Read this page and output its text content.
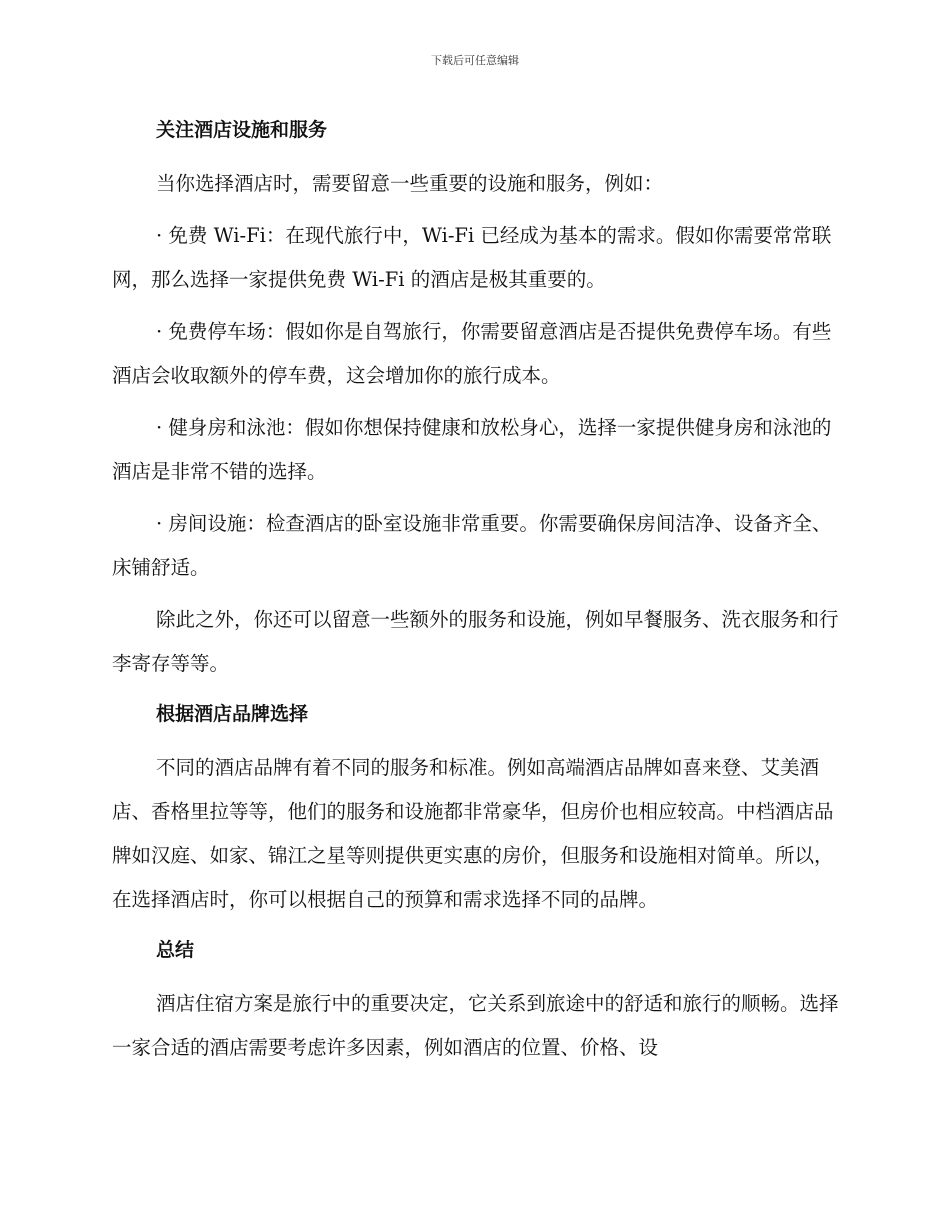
下载后可任意编辑
关注酒店设施和服务

当你选择酒店时，需要留意一些重要的设施和服务，例如：

· 免费 Wi-Fi：在现代旅行中，Wi-Fi 已经成为基本的需求。假如你需要常常联网，那么选择一家提供免费 Wi-Fi 的酒店是极其重要的。

· 免费停车场：假如你是自驾旅行，你需要留意酒店是否提供免费停车场。有些酒店会收取额外的停车费，这会增加你的旅行成本。

· 健身房和泳池：假如你想保持健康和放松身心，选择一家提供健身房和泳池的酒店是非常不错的选择。

· 房间设施：检查酒店的卧室设施非常重要。你需要确保房间洁净、设备齐全、床铺舒适。

除此之外，你还可以留意一些额外的服务和设施，例如早餐服务、洗衣服务和行李寄存等等。

根据酒店品牌选择

不同的酒店品牌有着不同的服务和标准。例如高端酒店品牌如喜来登、艾美酒店、香格里拉等等，他们的服务和设施都非常豪华，但房价也相应较高。中档酒店品牌如汉庭、如家、锦江之星等则提供更实惠的房价，但服务和设施相对简单。所以，在选择酒店时，你可以根据自己的预算和需求选择不同的品牌。

总结

酒店住宿方案是旅行中的重要决定，它关系到旅途中的舒适和旅行的顺畅。选择一家合适的酒店需要考虑许多因素，例如酒店的位置、价格、设
